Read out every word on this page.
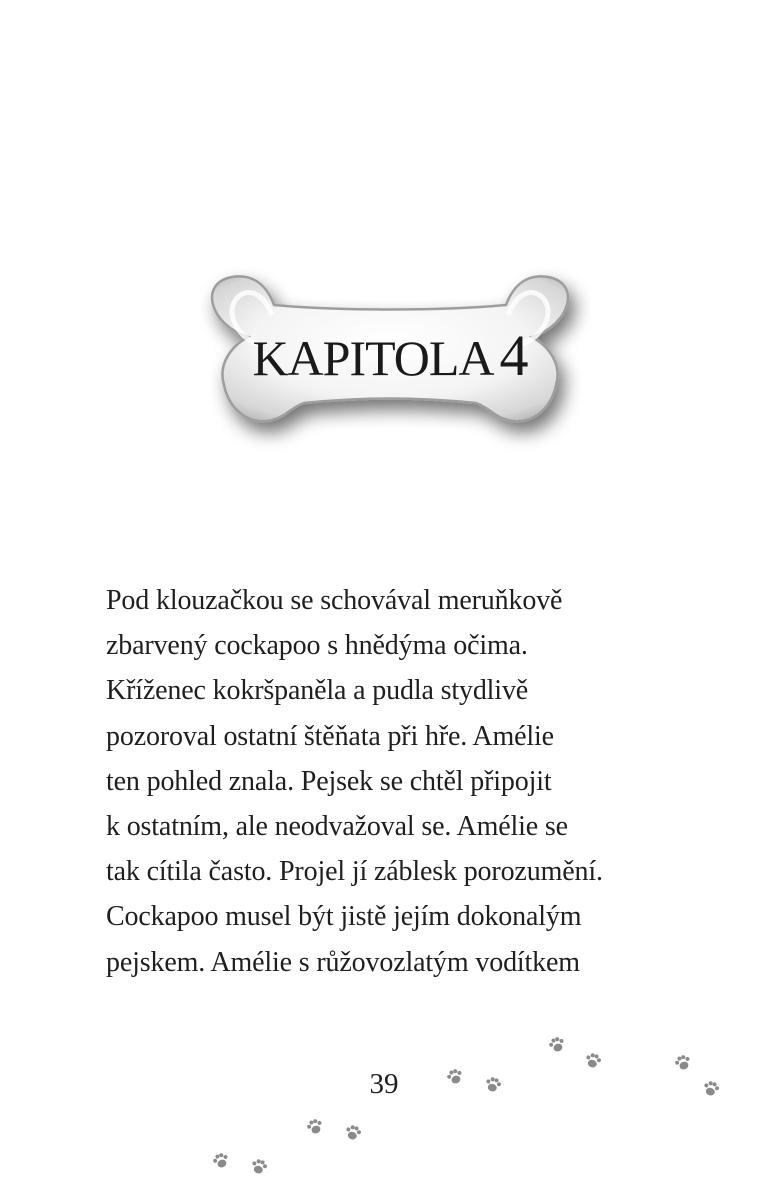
KAPITOLA 4
Pod klouzačkou se schovával meruňkově
zbarvený cockapoo s hnědýma očima.
Kříženec kokršpaněla a pudla stydlivě
pozoroval ostatní štěňata při hře. Amélie
ten pohled znala. Pejsek se chtěl připojit
k ostatním, ale neodvažoval se. Amélie se
tak cítila často. Projel jí záblesk porozumění.
Cockapoo musel být jistě jejím dokonalým
pejskem. Amélie s růžovozlatým vodítkem
39
